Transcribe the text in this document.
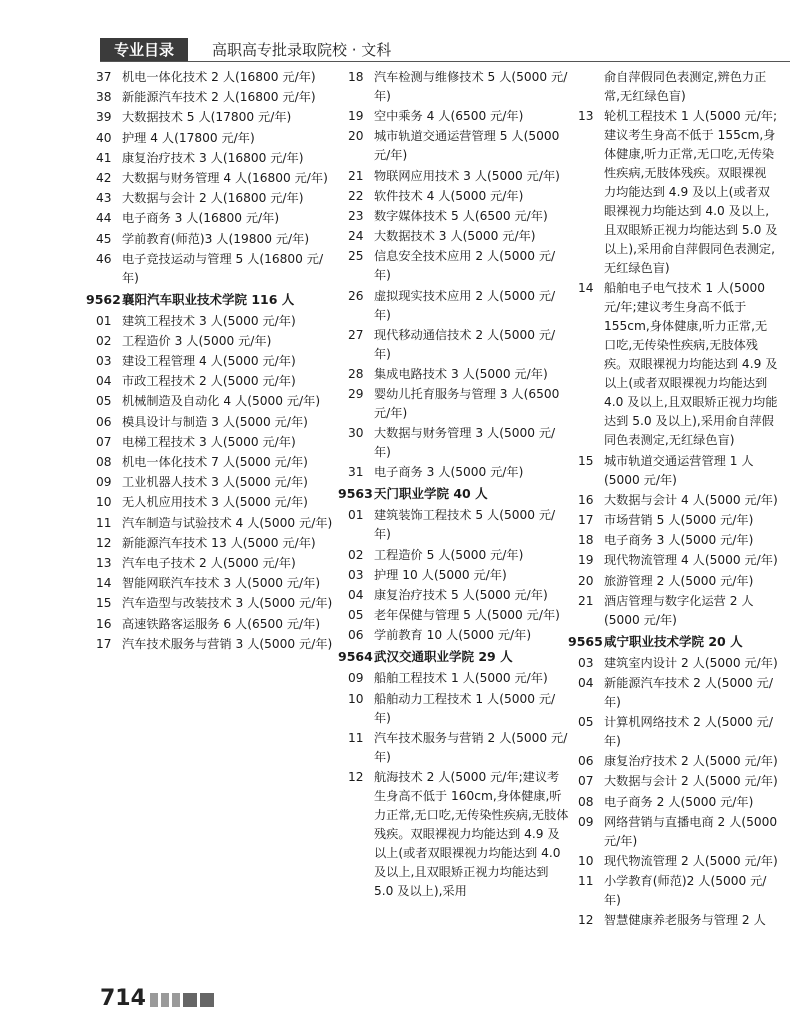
专业目录	高职高专批录取院校 · 文科
37 机电一体化技术 2 人(16800 元/年)
38 新能源汽车技术 2 人(16800 元/年)
39 大数据技术 5 人(17800 元/年)
40 护理 4 人(17800 元/年)
41 康复治疗技术 3 人(16800 元/年)
42 大数据与财务管理 4 人(16800 元/年)
43 大数据与会计 2 人(16800 元/年)
44 电子商务 3 人(16800 元/年)
45 学前教育(师范)3 人(19800 元/年)
46 电子竞技运动与管理 5 人(16800 元/年)
9562 襄阳汽车职业技术学院 116 人
01 建筑工程技术 3 人(5000 元/年)
02 工程造价 3 人(5000 元/年)
03 建设工程管理 4 人(5000 元/年)
04 市政工程技术 2 人(5000 元/年)
05 机械制造及自动化 4 人(5000 元/年)
06 模具设计与制造 3 人(5000 元/年)
07 电梯工程技术 3 人(5000 元/年)
08 机电一体化技术 7 人(5000 元/年)
09 工业机器人技术 3 人(5000 元/年)
10 无人机应用技术 3 人(5000 元/年)
11 汽车制造与试验技术 4 人(5000 元/年)
12 新能源汽车技术 13 人(5000 元/年)
13 汽车电子技术 2 人(5000 元/年)
14 智能网联汽车技术 3 人(5000 元/年)
15 汽车造型与改装技术 3 人(5000 元/年)
16 高速铁路客运服务 6 人(6500 元/年)
17 汽车技术服务与营销 3 人(5000 元/年)
18 汽车检测与维修技术 5 人(5000 元/年)
19 空中乘务 4 人(6500 元/年)
20 城市轨道交通运营管理 5 人(5000 元/年)
21 物联网应用技术 3 人(5000 元/年)
22 软件技术 4 人(5000 元/年)
23 数字媒体技术 5 人(6500 元/年)
24 大数据技术 3 人(5000 元/年)
25 信息安全技术应用 2 人(5000 元/年)
26 虚拟现实技术应用 2 人(5000 元/年)
27 现代移动通信技术 2 人(5000 元/年)
28 集成电路技术 3 人(5000 元/年)
29 婴幼儿托育服务与管理 3 人(6500 元/年)
30 大数据与财务管理 3 人(5000 元/年)
31 电子商务 3 人(5000 元/年)
9563 天门职业学院 40 人
01 建筑装饰工程技术 5 人(5000 元/年)
02 工程造价 5 人(5000 元/年)
03 护理 10 人(5000 元/年)
04 康复治疗技术 5 人(5000 元/年)
05 老年保健与管理 5 人(5000 元/年)
06 学前教育 10 人(5000 元/年)
9564 武汉交通职业学院 29 人
09 船舶工程技术 1 人(5000 元/年)
10 船舶动力工程技术 1 人(5000 元/年)
11 汽车技术服务与营销 2 人(5000 元/年)
12 航海技术 2 人(5000 元/年;建议考生身高不低于 160cm,身体健康,听力正常,无口吃,无传染性疾病,无肢体残疾。双眼裸视力均能达到 4.9 及以上(或者双眼裸视力均能达到 4.0 及以上,且双眼矫正视力均能达到 5.0 及以上),采用
俞自萍假同色表测定,辨色力正常,无红绿色盲)
13 轮机工程技术 1 人(5000 元/年;建议考生身高不低于 155cm,身体健康,听力正常,无口吃,无传染性疾病,无肢体残疾。双眼裸视力均能达到 4.9 及以上(或者双眼裸视力均能达到 4.0 及以上,且双眼矫正视力均能达到 5.0 及以上),采用俞自萍假同色表测定,无红绿色盲)
14 船舶电子电气技术 1 人(5000 元/年;建议考生身高不低于 155cm,身体健康,听力正常,无口吃,无传染性疾病,无肢体残疾。双眼裸视力均能达到 4.9 及以上(或者双眼裸视力均能达到 4.0 及以上,且双眼矫正视力均能达到 5.0 及以上),采用俞自萍假同色表测定,无红绿色盲)
15 城市轨道交通运营管理 1 人(5000 元/年)
16 大数据与会计 4 人(5000 元/年)
17 市场营销 5 人(5000 元/年)
18 电子商务 3 人(5000 元/年)
19 现代物流管理 4 人(5000 元/年)
20 旅游管理 2 人(5000 元/年)
21 酒店管理与数字化运营 2 人(5000 元/年)
9565 咸宁职业技术学院 20 人
03 建筑室内设计 2 人(5000 元/年)
04 新能源汽车技术 2 人(5000 元/年)
05 计算机网络技术 2 人(5000 元/年)
06 康复治疗技术 2 人(5000 元/年)
07 大数据与会计 2 人(5000 元/年)
08 电子商务 2 人(5000 元/年)
09 网络营销与直播电商 2 人(5000 元/年)
10 现代物流管理 2 人(5000 元/年)
11 小学教育(师范)2 人(5000 元/年)
12 智慧健康养老服务与管理 2 人
714
